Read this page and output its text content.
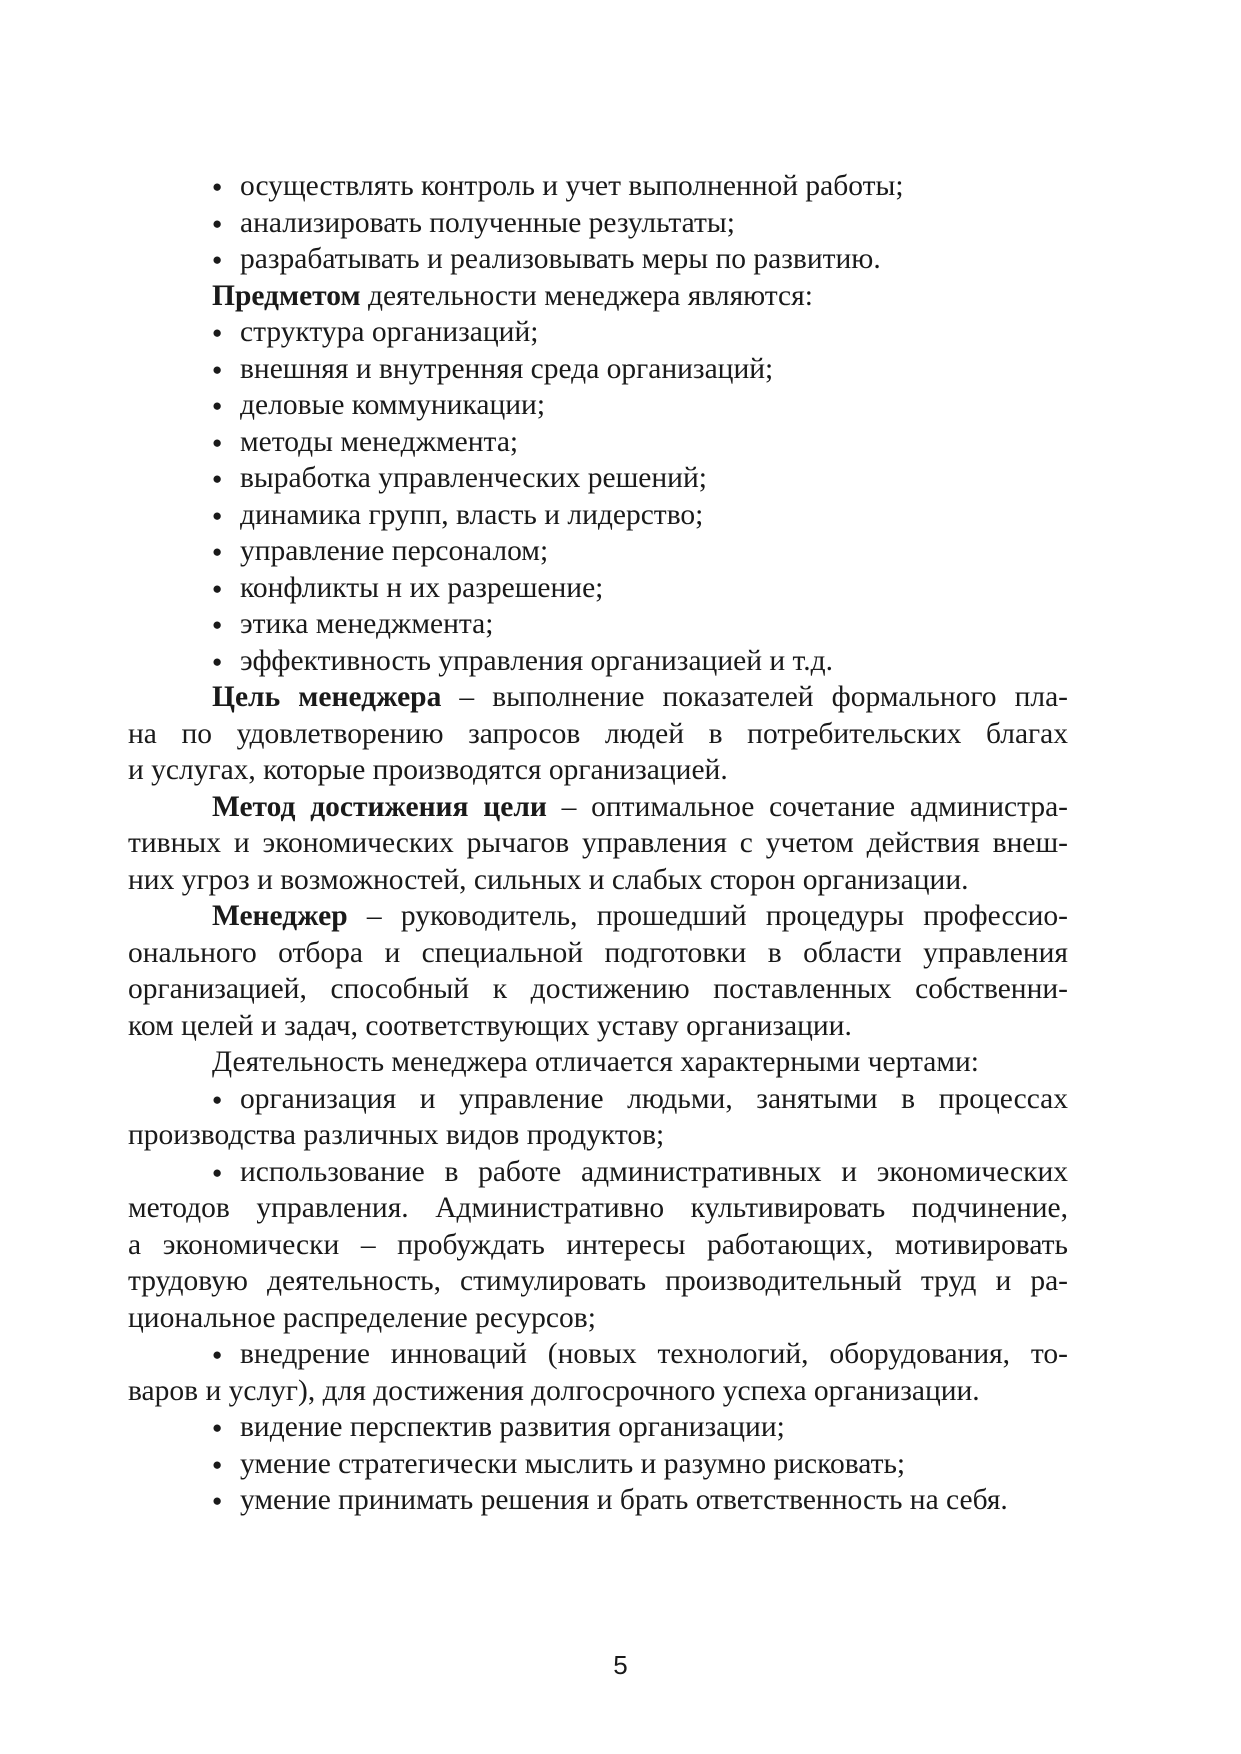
●осуществлять контроль и учет выполненной работы;
●анализировать полученные результаты;
●разрабатывать и реализовывать меры по развитию.
Предметом деятельности менеджера являются:
●структура организаций;
●внешняя и внутренняя среда организаций;
●деловые коммуникации;
●методы менеджмента;
●выработка управленческих решений;
●динамика групп, власть и лидерство;
●управление персоналом;
●конфликты н их разрешение;
●этика менеджмента;
●эффективность управления организацией и т.д.
Цель менеджера – выполнение показателей формального пла-
на по удовлетворению запросов людей в потребительских благах
и услугах, которые производятся организацией.
Метод достижения цели – оптимальное сочетание администра-
тивных и экономических рычагов управления с учетом действия внеш-
них угроз и возможностей, сильных и слабых сторон организации.
Менеджер – руководитель, прошедший процедуры профессио-
онального отбора и специальной подготовки в области управления
организацией, способный к достижению поставленных собственни-
ком целей и задач, соответствующих уставу организации.
Деятельность менеджера отличается характерными чертами:
●организация и управление людьми, занятыми в процессах
производства различных видов продуктов;
●использование в работе административных и экономических
методов управления. Административно культивировать подчинение,
а экономически – пробуждать интересы работающих, мотивировать
трудовую деятельность, стимулировать производительный труд и ра-
циональное распределение ресурсов;
●внедрение инноваций (новых технологий, оборудования, то-
варов и услуг), для достижения долгосрочного успеха организации.
●видение перспектив развития организации;
●умение стратегически мыслить и разумно рисковать;
●умение принимать решения и брать ответственность на себя.
5
